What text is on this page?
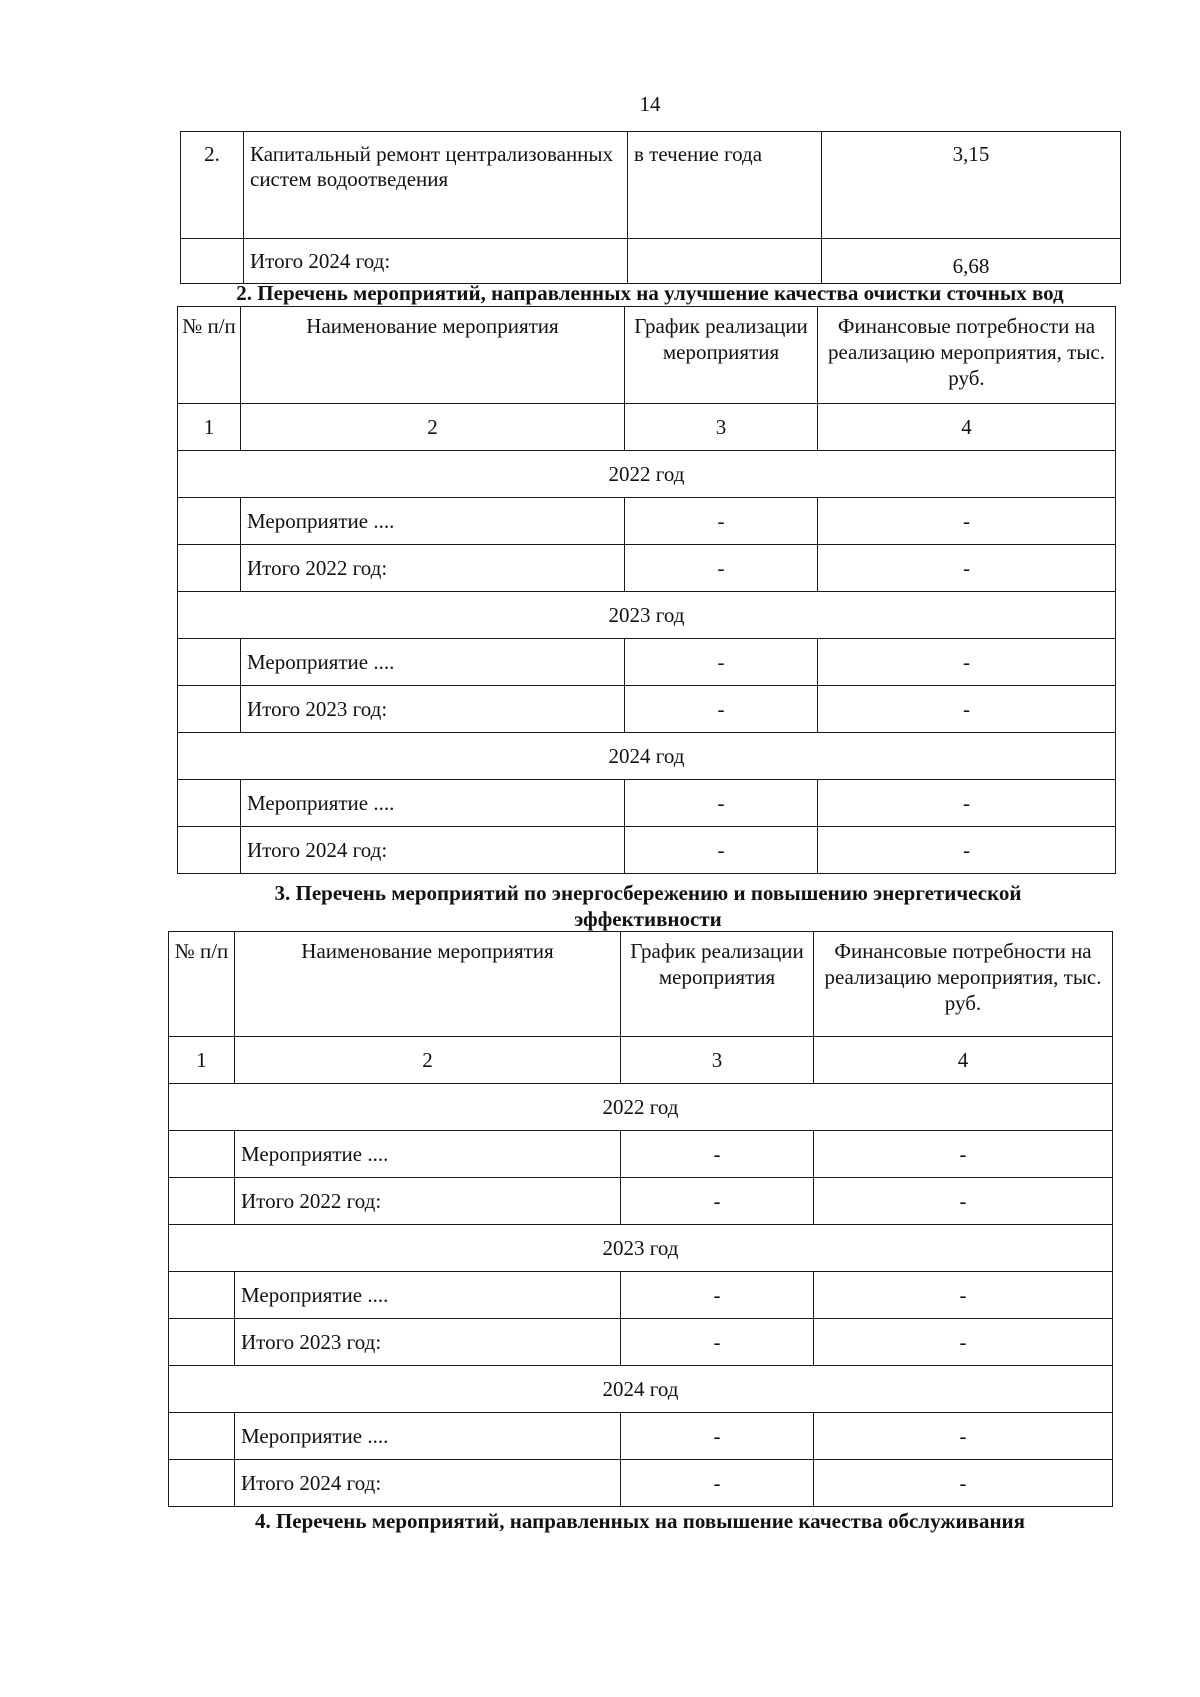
14
2.	Капитальный ремонт централизованных систем водоотведения	в течение года	3,15
	Итого 2024 год:		6,68
2. Перечень мероприятий, направленных на улучшение качества очистки сточных вод
№ п/п	Наименование мероприятия	График реализации мероприятия	Финансовые потребности на реализацию мероприятия, тыс. руб.
1	2	3	4
2022 год			
	Мероприятие ....	-	-
	Итого 2022 год:	-	-
2023 год			
	Мероприятие ....	-	-
	Итого 2023 год:	-	-
2024 год			
	Мероприятие ....	-	-
	Итого 2024 год:	-	-
3. Перечень мероприятий по энергосбережению и повышению энергетической эффективности
№ п/п	Наименование мероприятия	График реализации мероприятия	Финансовые потребности на реализацию мероприятия, тыс. руб.
1	2	3	4
2022 год			
	Мероприятие ....	-	-
	Итого 2022 год:	-	-
2023 год			
	Мероприятие ....	-	-
	Итого 2023 год:	-	-
2024 год			
	Мероприятие ....	-	-
	Итого 2024 год:	-	-
4. Перечень мероприятий, направленных на повышение качества обслуживания
